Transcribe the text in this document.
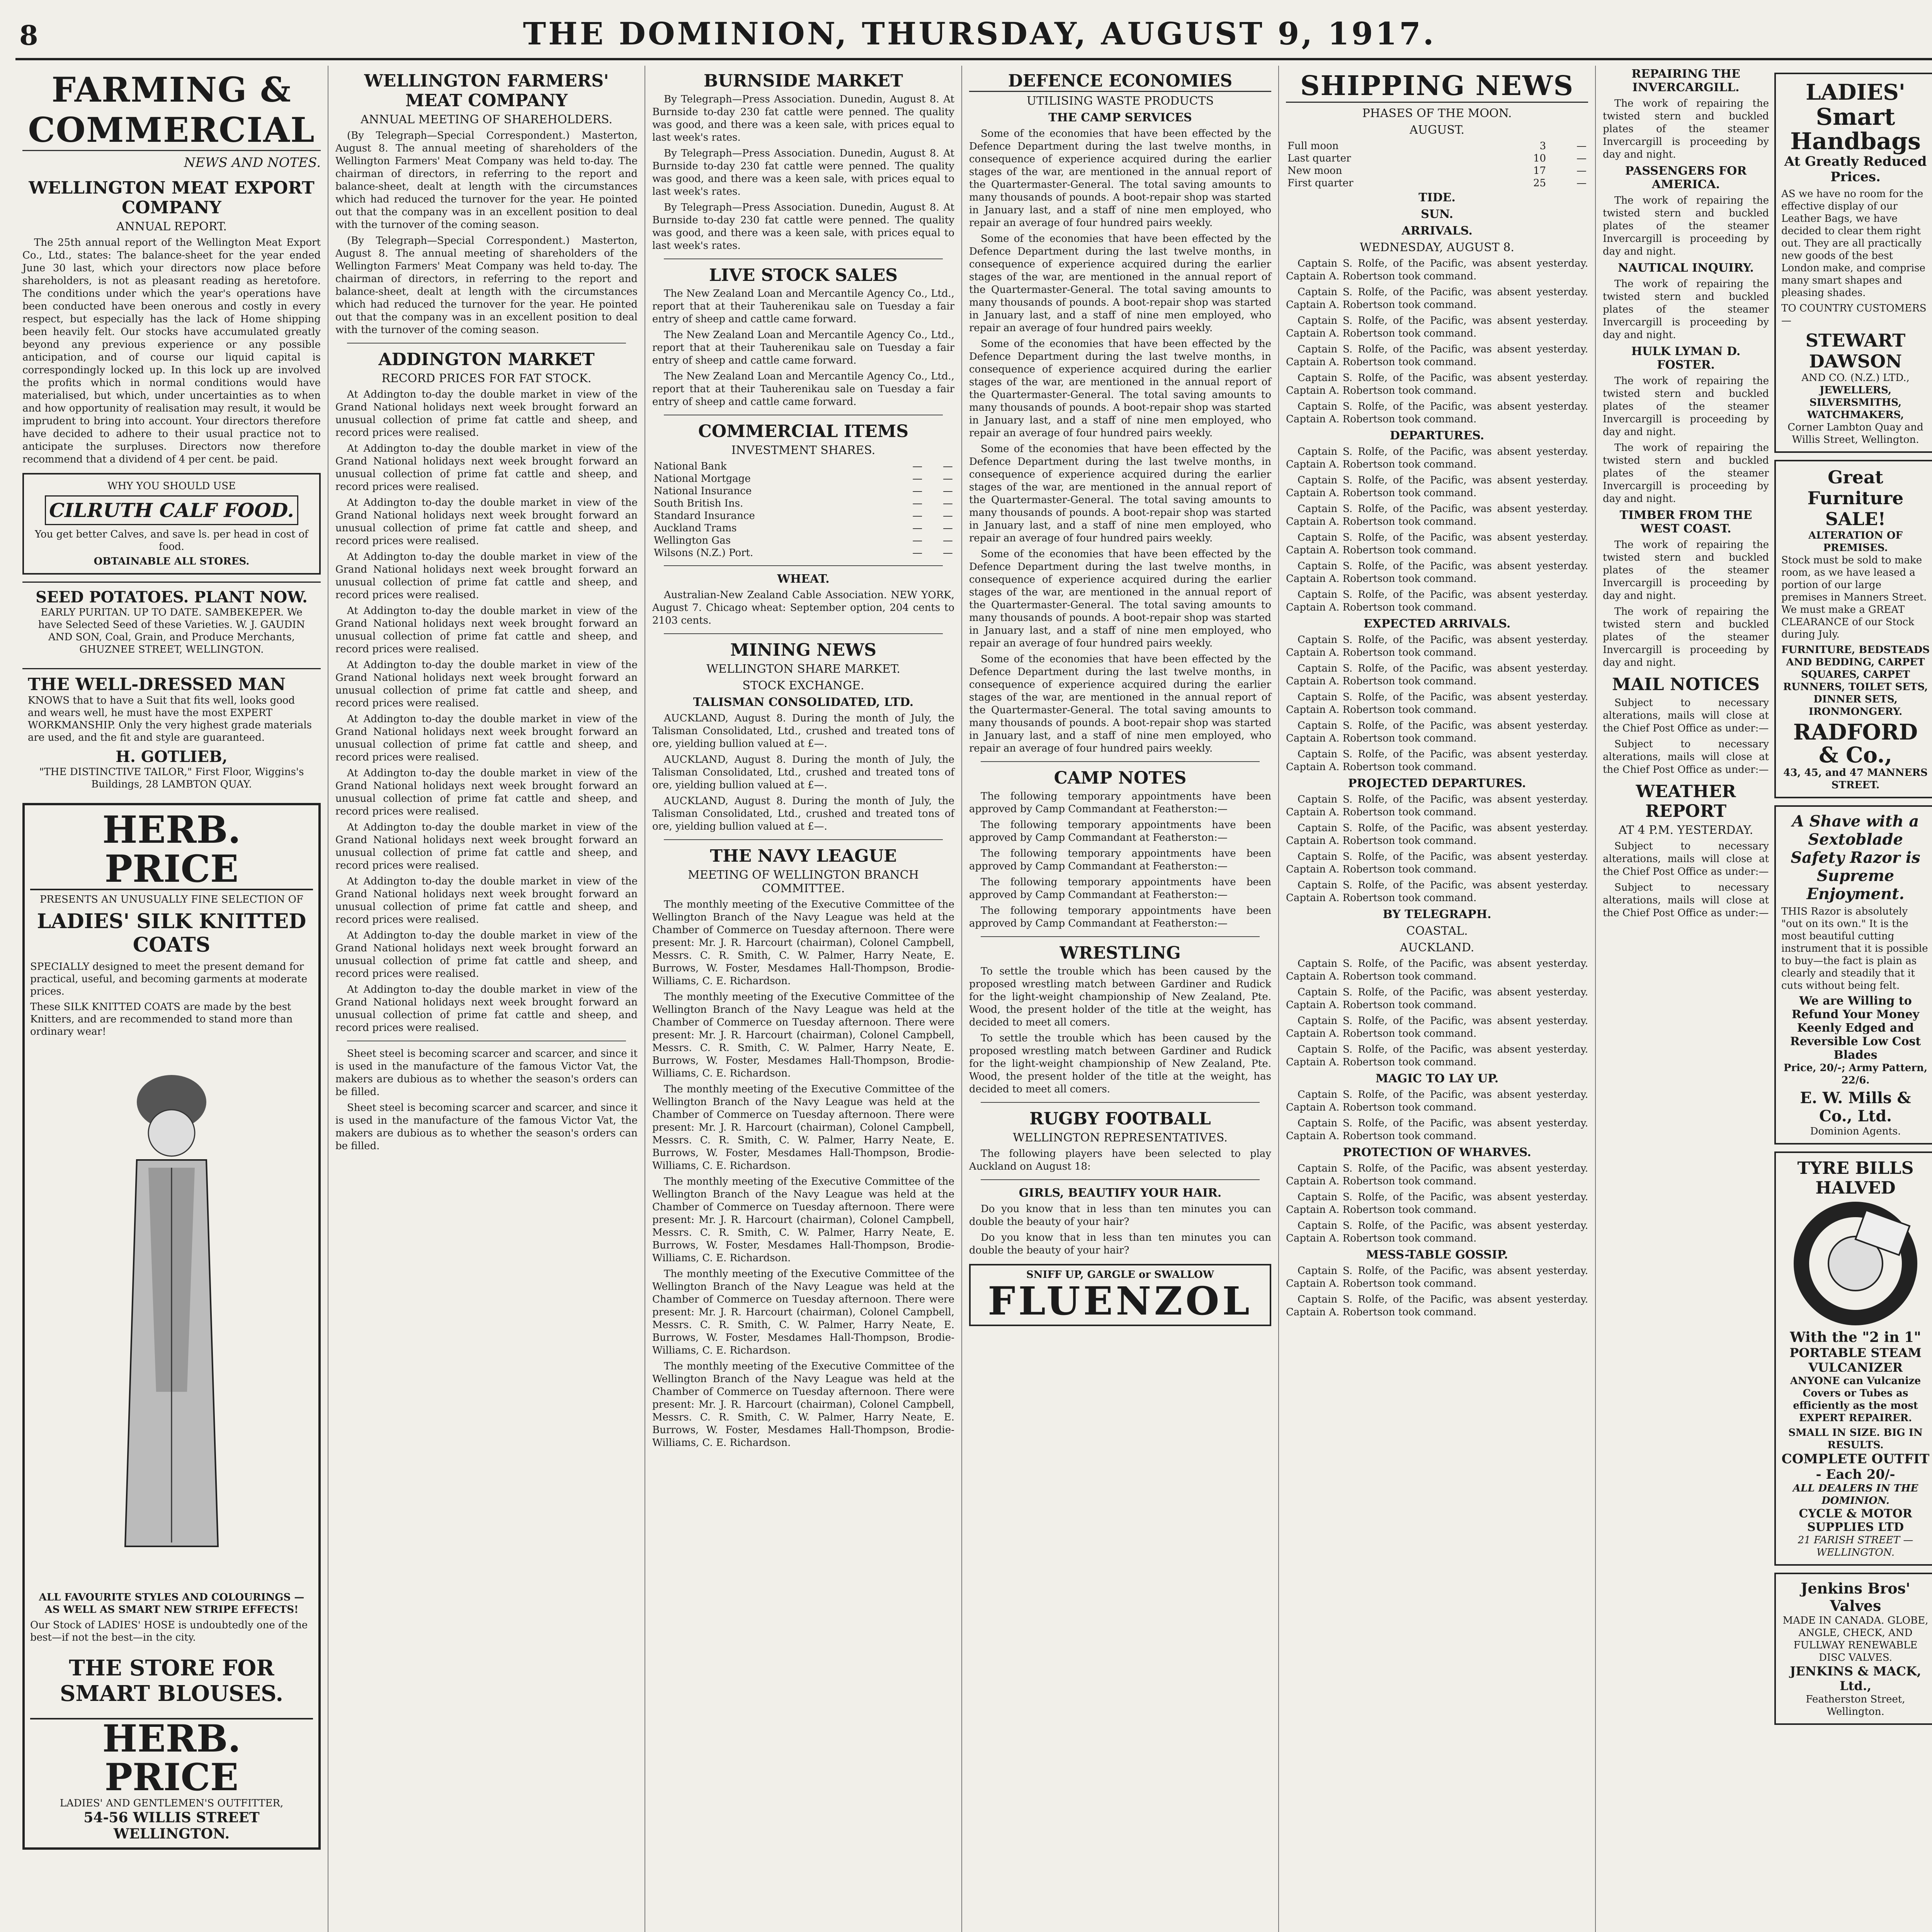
8	THE DOMINION, THURSDAY, AUGUST 9, 1917.
FARMING & COMMERCIAL
NEWS AND NOTES.
WELLINGTON MEAT EXPORT COMPANY
ANNUAL REPORT.

The 25th annual report of the Wellington Meat Export Co., Ltd., states: The balance-sheet for the year ended June 30 last, which your directors now place before shareholders, is not as pleasant reading as heretofore. The conditions under which the year's operations have been conducted have been onerous and costly in every respect, but especially has the lack of Home shipping been heavily felt. Our stocks have accumulated greatly beyond any previous experience or any possible anticipation, and of course our liquid capital is correspondingly locked up. In this lock up are involved the profits which in normal conditions would have materialised, but which, under uncertainties as to when and how opportunity of realisation may result, it would be imprudent to bring into account. Your directors therefore have decided to adhere to their usual practice not to anticipate the surpluses. Directors now therefore recommend that a dividend of 4 per cent. be paid.

WHY YOU SHOULD USE
CILRUTH CALF FOOD.
You get better Calves, and save ls. per head in cost of food.
OBTAINABLE ALL STORES.
SEED POTATOES. PLANT NOW.
EARLY PURITAN. UP TO DATE. SAMBEKEPER. We have Selected Seed of these Varieties. W. J. GAUDIN AND SON, Coal, Grain, and Produce Merchants, GHUZNEE STREET, WELLINGTON.
THE WELL-DRESSED MAN
KNOWS that to have a Suit that fits well, looks good and wears well, he must have the most EXPERT WORKMANSHIP. Only the very highest grade materials are used, and the fit and style are guaranteed.
H. GOTLIEB,
"THE DISTINCTIVE TAILOR," First Floor, Wiggins's Buildings, 28 LAMBTON QUAY.
HERB. PRICE
PRESENTS AN UNUSUALLY FINE SELECTION OF
LADIES' SILK KNITTED COATS
SPECIALLY designed to meet the present demand for practical, useful, and becoming garments at moderate prices.
These SILK KNITTED COATS are made by the best Knitters, and are recommended to stand more than ordinary wear!
ALL FAVOURITE STYLES AND COLOURINGS — AS WELL AS SMART NEW STRIPE EFFECTS!
Our Stock of LADIES' HOSE is undoubtedly one of the best—if not the best—in the city.
THE STORE FOR SMART BLOUSES.
HERB. PRICE
LADIES' AND GENTLEMEN'S OUTFITTER,
54-56 WILLIS STREET WELLINGTON.
WELLINGTON FARMERS' MEAT COMPANY
ANNUAL MEETING OF SHAREHOLDERS.

(By Telegraph—Special Correspondent.) Masterton, August 8. The annual meeting of shareholders of the Wellington Farmers' Meat Company was held to-day. The chairman of directors, in referring to the report and balance-sheet, dealt at length with the circumstances which had reduced the turnover for the year. He pointed out that the company was in an excellent position to deal with the turnover of the coming season.

(By Telegraph—Special Correspondent.) Masterton, August 8. The annual meeting of shareholders of the Wellington Farmers' Meat Company was held to-day. The chairman of directors, in referring to the report and balance-sheet, dealt at length with the circumstances which had reduced the turnover for the year. He pointed out that the company was in an excellent position to deal with the turnover of the coming season.

ADDINGTON MARKET
RECORD PRICES FOR FAT STOCK.

At Addington to-day the double market in view of the Grand National holidays next week brought forward an unusual collection of prime fat cattle and sheep, and record prices were realised.

At Addington to-day the double market in view of the Grand National holidays next week brought forward an unusual collection of prime fat cattle and sheep, and record prices were realised.

At Addington to-day the double market in view of the Grand National holidays next week brought forward an unusual collection of prime fat cattle and sheep, and record prices were realised.

At Addington to-day the double market in view of the Grand National holidays next week brought forward an unusual collection of prime fat cattle and sheep, and record prices were realised.

At Addington to-day the double market in view of the Grand National holidays next week brought forward an unusual collection of prime fat cattle and sheep, and record prices were realised.

At Addington to-day the double market in view of the Grand National holidays next week brought forward an unusual collection of prime fat cattle and sheep, and record prices were realised.

At Addington to-day the double market in view of the Grand National holidays next week brought forward an unusual collection of prime fat cattle and sheep, and record prices were realised.

At Addington to-day the double market in view of the Grand National holidays next week brought forward an unusual collection of prime fat cattle and sheep, and record prices were realised.

At Addington to-day the double market in view of the Grand National holidays next week brought forward an unusual collection of prime fat cattle and sheep, and record prices were realised.

At Addington to-day the double market in view of the Grand National holidays next week brought forward an unusual collection of prime fat cattle and sheep, and record prices were realised.

At Addington to-day the double market in view of the Grand National holidays next week brought forward an unusual collection of prime fat cattle and sheep, and record prices were realised.

At Addington to-day the double market in view of the Grand National holidays next week brought forward an unusual collection of prime fat cattle and sheep, and record prices were realised.

Sheet steel is becoming scarcer and scarcer, and since it is used in the manufacture of the famous Victor Vat, the makers are dubious as to whether the season's orders can be filled.

Sheet steel is becoming scarcer and scarcer, and since it is used in the manufacture of the famous Victor Vat, the makers are dubious as to whether the season's orders can be filled.

BURNSIDE MARKET

By Telegraph—Press Association. Dunedin, August 8. At Burnside to-day 230 fat cattle were penned. The quality was good, and there was a keen sale, with prices equal to last week's rates.

By Telegraph—Press Association. Dunedin, August 8. At Burnside to-day 230 fat cattle were penned. The quality was good, and there was a keen sale, with prices equal to last week's rates.

By Telegraph—Press Association. Dunedin, August 8. At Burnside to-day 230 fat cattle were penned. The quality was good, and there was a keen sale, with prices equal to last week's rates.

LIVE STOCK SALES

The New Zealand Loan and Mercantile Agency Co., Ltd., report that at their Tauherenikau sale on Tuesday a fair entry of sheep and cattle came forward.

The New Zealand Loan and Mercantile Agency Co., Ltd., report that at their Tauherenikau sale on Tuesday a fair entry of sheep and cattle came forward.

The New Zealand Loan and Mercantile Agency Co., Ltd., report that at their Tauherenikau sale on Tuesday a fair entry of sheep and cattle came forward.

COMMERCIAL ITEMS
INVESTMENT SHARES.
National Bank	—	—
National Mortgage	—	—
National Insurance	—	—
South British Ins.	—	—
Standard Insurance	—	—
Auckland Trams	—	—
Wellington Gas	—	—
Wilsons (N.Z.) Port.	—	—
WHEAT.

Australian-New Zealand Cable Association. NEW YORK, August 7. Chicago wheat: September option, 204 cents to 2103 cents.

MINING NEWS
WELLINGTON SHARE MARKET.
STOCK EXCHANGE.
TALISMAN CONSOLIDATED, LTD.

AUCKLAND, August 8. During the month of July, the Talisman Consolidated, Ltd., crushed and treated tons of ore, yielding bullion valued at £—.

AUCKLAND, August 8. During the month of July, the Talisman Consolidated, Ltd., crushed and treated tons of ore, yielding bullion valued at £—.

AUCKLAND, August 8. During the month of July, the Talisman Consolidated, Ltd., crushed and treated tons of ore, yielding bullion valued at £—.

THE NAVY LEAGUE
MEETING OF WELLINGTON BRANCH COMMITTEE.

The monthly meeting of the Executive Committee of the Wellington Branch of the Navy League was held at the Chamber of Commerce on Tuesday afternoon. There were present: Mr. J. R. Harcourt (chairman), Colonel Campbell, Messrs. C. R. Smith, C. W. Palmer, Harry Neate, E. Burrows, W. Foster, Mesdames Hall-Thompson, Brodie-Williams, C. E. Richardson.

The monthly meeting of the Executive Committee of the Wellington Branch of the Navy League was held at the Chamber of Commerce on Tuesday afternoon. There were present: Mr. J. R. Harcourt (chairman), Colonel Campbell, Messrs. C. R. Smith, C. W. Palmer, Harry Neate, E. Burrows, W. Foster, Mesdames Hall-Thompson, Brodie-Williams, C. E. Richardson.

The monthly meeting of the Executive Committee of the Wellington Branch of the Navy League was held at the Chamber of Commerce on Tuesday afternoon. There were present: Mr. J. R. Harcourt (chairman), Colonel Campbell, Messrs. C. R. Smith, C. W. Palmer, Harry Neate, E. Burrows, W. Foster, Mesdames Hall-Thompson, Brodie-Williams, C. E. Richardson.

The monthly meeting of the Executive Committee of the Wellington Branch of the Navy League was held at the Chamber of Commerce on Tuesday afternoon. There were present: Mr. J. R. Harcourt (chairman), Colonel Campbell, Messrs. C. R. Smith, C. W. Palmer, Harry Neate, E. Burrows, W. Foster, Mesdames Hall-Thompson, Brodie-Williams, C. E. Richardson.

The monthly meeting of the Executive Committee of the Wellington Branch of the Navy League was held at the Chamber of Commerce on Tuesday afternoon. There were present: Mr. J. R. Harcourt (chairman), Colonel Campbell, Messrs. C. R. Smith, C. W. Palmer, Harry Neate, E. Burrows, W. Foster, Mesdames Hall-Thompson, Brodie-Williams, C. E. Richardson.

The monthly meeting of the Executive Committee of the Wellington Branch of the Navy League was held at the Chamber of Commerce on Tuesday afternoon. There were present: Mr. J. R. Harcourt (chairman), Colonel Campbell, Messrs. C. R. Smith, C. W. Palmer, Harry Neate, E. Burrows, W. Foster, Mesdames Hall-Thompson, Brodie-Williams, C. E. Richardson.

DEFENCE ECONOMIES
UTILISING WASTE PRODUCTS
THE CAMP SERVICES

Some of the economies that have been effected by the Defence Department during the last twelve months, in consequence of experience acquired during the earlier stages of the war, are mentioned in the annual report of the Quartermaster-General. The total saving amounts to many thousands of pounds. A boot-repair shop was started in January last, and a staff of nine men employed, who repair an average of four hundred pairs weekly.

Some of the economies that have been effected by the Defence Department during the last twelve months, in consequence of experience acquired during the earlier stages of the war, are mentioned in the annual report of the Quartermaster-General. The total saving amounts to many thousands of pounds. A boot-repair shop was started in January last, and a staff of nine men employed, who repair an average of four hundred pairs weekly.

Some of the economies that have been effected by the Defence Department during the last twelve months, in consequence of experience acquired during the earlier stages of the war, are mentioned in the annual report of the Quartermaster-General. The total saving amounts to many thousands of pounds. A boot-repair shop was started in January last, and a staff of nine men employed, who repair an average of four hundred pairs weekly.

Some of the economies that have been effected by the Defence Department during the last twelve months, in consequence of experience acquired during the earlier stages of the war, are mentioned in the annual report of the Quartermaster-General. The total saving amounts to many thousands of pounds. A boot-repair shop was started in January last, and a staff of nine men employed, who repair an average of four hundred pairs weekly.

Some of the economies that have been effected by the Defence Department during the last twelve months, in consequence of experience acquired during the earlier stages of the war, are mentioned in the annual report of the Quartermaster-General. The total saving amounts to many thousands of pounds. A boot-repair shop was started in January last, and a staff of nine men employed, who repair an average of four hundred pairs weekly.

Some of the economies that have been effected by the Defence Department during the last twelve months, in consequence of experience acquired during the earlier stages of the war, are mentioned in the annual report of the Quartermaster-General. The total saving amounts to many thousands of pounds. A boot-repair shop was started in January last, and a staff of nine men employed, who repair an average of four hundred pairs weekly.

CAMP NOTES

The following temporary appointments have been approved by Camp Commandant at Featherston:—

The following temporary appointments have been approved by Camp Commandant at Featherston:—

The following temporary appointments have been approved by Camp Commandant at Featherston:—

The following temporary appointments have been approved by Camp Commandant at Featherston:—

The following temporary appointments have been approved by Camp Commandant at Featherston:—

WRESTLING

To settle the trouble which has been caused by the proposed wrestling match between Gardiner and Rudick for the light-weight championship of New Zealand, Pte. Wood, the present holder of the title at the weight, has decided to meet all comers.

To settle the trouble which has been caused by the proposed wrestling match between Gardiner and Rudick for the light-weight championship of New Zealand, Pte. Wood, the present holder of the title at the weight, has decided to meet all comers.

RUGBY FOOTBALL
WELLINGTON REPRESENTATIVES.

The following players have been selected to play Auckland on August 18:

GIRLS, BEAUTIFY YOUR HAIR.

Do you know that in less than ten minutes you can double the beauty of your hair?

Do you know that in less than ten minutes you can double the beauty of your hair?

SNIFF UP, GARGLE or SWALLOW
FLUENZOL
SHIPPING NEWS
PHASES OF THE MOON.
AUGUST.
Full moon	3	—
Last quarter	10	—
New moon	17	—
First quarter	25	—
TIDE.
SUN.
ARRIVALS.
WEDNESDAY, AUGUST 8.

Captain S. Rolfe, of the Pacific, was absent yesterday. Captain A. Robertson took command.

Captain S. Rolfe, of the Pacific, was absent yesterday. Captain A. Robertson took command.

Captain S. Rolfe, of the Pacific, was absent yesterday. Captain A. Robertson took command.

Captain S. Rolfe, of the Pacific, was absent yesterday. Captain A. Robertson took command.

Captain S. Rolfe, of the Pacific, was absent yesterday. Captain A. Robertson took command.

Captain S. Rolfe, of the Pacific, was absent yesterday. Captain A. Robertson took command.

DEPARTURES.

Captain S. Rolfe, of the Pacific, was absent yesterday. Captain A. Robertson took command.

Captain S. Rolfe, of the Pacific, was absent yesterday. Captain A. Robertson took command.

Captain S. Rolfe, of the Pacific, was absent yesterday. Captain A. Robertson took command.

Captain S. Rolfe, of the Pacific, was absent yesterday. Captain A. Robertson took command.

Captain S. Rolfe, of the Pacific, was absent yesterday. Captain A. Robertson took command.

Captain S. Rolfe, of the Pacific, was absent yesterday. Captain A. Robertson took command.

EXPECTED ARRIVALS.

Captain S. Rolfe, of the Pacific, was absent yesterday. Captain A. Robertson took command.

Captain S. Rolfe, of the Pacific, was absent yesterday. Captain A. Robertson took command.

Captain S. Rolfe, of the Pacific, was absent yesterday. Captain A. Robertson took command.

Captain S. Rolfe, of the Pacific, was absent yesterday. Captain A. Robertson took command.

Captain S. Rolfe, of the Pacific, was absent yesterday. Captain A. Robertson took command.

PROJECTED DEPARTURES.

Captain S. Rolfe, of the Pacific, was absent yesterday. Captain A. Robertson took command.

Captain S. Rolfe, of the Pacific, was absent yesterday. Captain A. Robertson took command.

Captain S. Rolfe, of the Pacific, was absent yesterday. Captain A. Robertson took command.

Captain S. Rolfe, of the Pacific, was absent yesterday. Captain A. Robertson took command.

BY TELEGRAPH.
COASTAL.
AUCKLAND.

Captain S. Rolfe, of the Pacific, was absent yesterday. Captain A. Robertson took command.

Captain S. Rolfe, of the Pacific, was absent yesterday. Captain A. Robertson took command.

Captain S. Rolfe, of the Pacific, was absent yesterday. Captain A. Robertson took command.

Captain S. Rolfe, of the Pacific, was absent yesterday. Captain A. Robertson took command.

MAGIC TO LAY UP.

Captain S. Rolfe, of the Pacific, was absent yesterday. Captain A. Robertson took command.

Captain S. Rolfe, of the Pacific, was absent yesterday. Captain A. Robertson took command.

PROTECTION OF WHARVES.

Captain S. Rolfe, of the Pacific, was absent yesterday. Captain A. Robertson took command.

Captain S. Rolfe, of the Pacific, was absent yesterday. Captain A. Robertson took command.

Captain S. Rolfe, of the Pacific, was absent yesterday. Captain A. Robertson took command.

MESS-TABLE GOSSIP.

Captain S. Rolfe, of the Pacific, was absent yesterday. Captain A. Robertson took command.

Captain S. Rolfe, of the Pacific, was absent yesterday. Captain A. Robertson took command.

REPAIRING THE INVERCARGILL.

The work of repairing the twisted stern and buckled plates of the steamer Invercargill is proceeding by day and night.

PASSENGERS FOR AMERICA.

The work of repairing the twisted stern and buckled plates of the steamer Invercargill is proceeding by day and night.

NAUTICAL INQUIRY.

The work of repairing the twisted stern and buckled plates of the steamer Invercargill is proceeding by day and night.

HULK LYMAN D. FOSTER.

The work of repairing the twisted stern and buckled plates of the steamer Invercargill is proceeding by day and night.

The work of repairing the twisted stern and buckled plates of the steamer Invercargill is proceeding by day and night.

TIMBER FROM THE WEST COAST.

The work of repairing the twisted stern and buckled plates of the steamer Invercargill is proceeding by day and night.

The work of repairing the twisted stern and buckled plates of the steamer Invercargill is proceeding by day and night.

MAIL NOTICES

Subject to necessary alterations, mails will close at the Chief Post Office as under:—

Subject to necessary alterations, mails will close at the Chief Post Office as under:—

WEATHER REPORT
AT 4 P.M. YESTERDAY.

Subject to necessary alterations, mails will close at the Chief Post Office as under:—

Subject to necessary alterations, mails will close at the Chief Post Office as under:—

LADIES'
Smart Handbags
At Greatly Reduced Prices.
AS we have no room for the effective display of our Leather Bags, we have decided to clear them right out. They are all practically new goods of the best London make, and comprise many smart shapes and pleasing shades.
TO COUNTRY CUSTOMERS—
STEWART DAWSON
AND CO. (N.Z.) LTD.,
JEWELLERS, SILVERSMITHS, WATCHMAKERS,
Corner Lambton Quay and Willis Street, Wellington.
Great Furniture SALE!
ALTERATION OF PREMISES.
Stock must be sold to make room, as we have leased a portion of our large premises in Manners Street. We must make a GREAT CLEARANCE of our Stock during July.
FURNITURE, BEDSTEADS AND BEDDING, CARPET SQUARES, CARPET RUNNERS, TOILET SETS, DINNER SETS, IRONMONGERY.
RADFORD & Co.,
43, 45, and 47 MANNERS STREET.
A Shave with a Sextoblade Safety Razor is Supreme Enjoyment.
THIS Razor is absolutely "out on its own." It is the most beautiful cutting instrument that it is possible to buy—the fact is plain as clearly and steadily that it cuts without being felt.
We are Willing to Refund Your Money
Keenly Edged and Reversible Low Cost Blades
Price, 20/-; Army Pattern, 22/6.
E. W. Mills & Co., Ltd.
Dominion Agents.
TYRE BILLS HALVED
With the "2 in 1"
PORTABLE STEAM VULCANIZER
ANYONE can Vulcanize Covers or Tubes as efficiently as the most EXPERT REPAIRER.
SMALL IN SIZE. BIG IN RESULTS.
COMPLETE OUTFIT - Each 20/-
ALL DEALERS IN THE DOMINION.
CYCLE & MOTOR SUPPLIES LTD
21 FARISH STREET — WELLINGTON.
Jenkins Bros' Valves
MADE IN CANADA. GLOBE, ANGLE, CHECK, AND FULLWAY RENEWABLE DISC VALVES.
JENKINS & MACK, Ltd.,
Featherston Street, Wellington.
